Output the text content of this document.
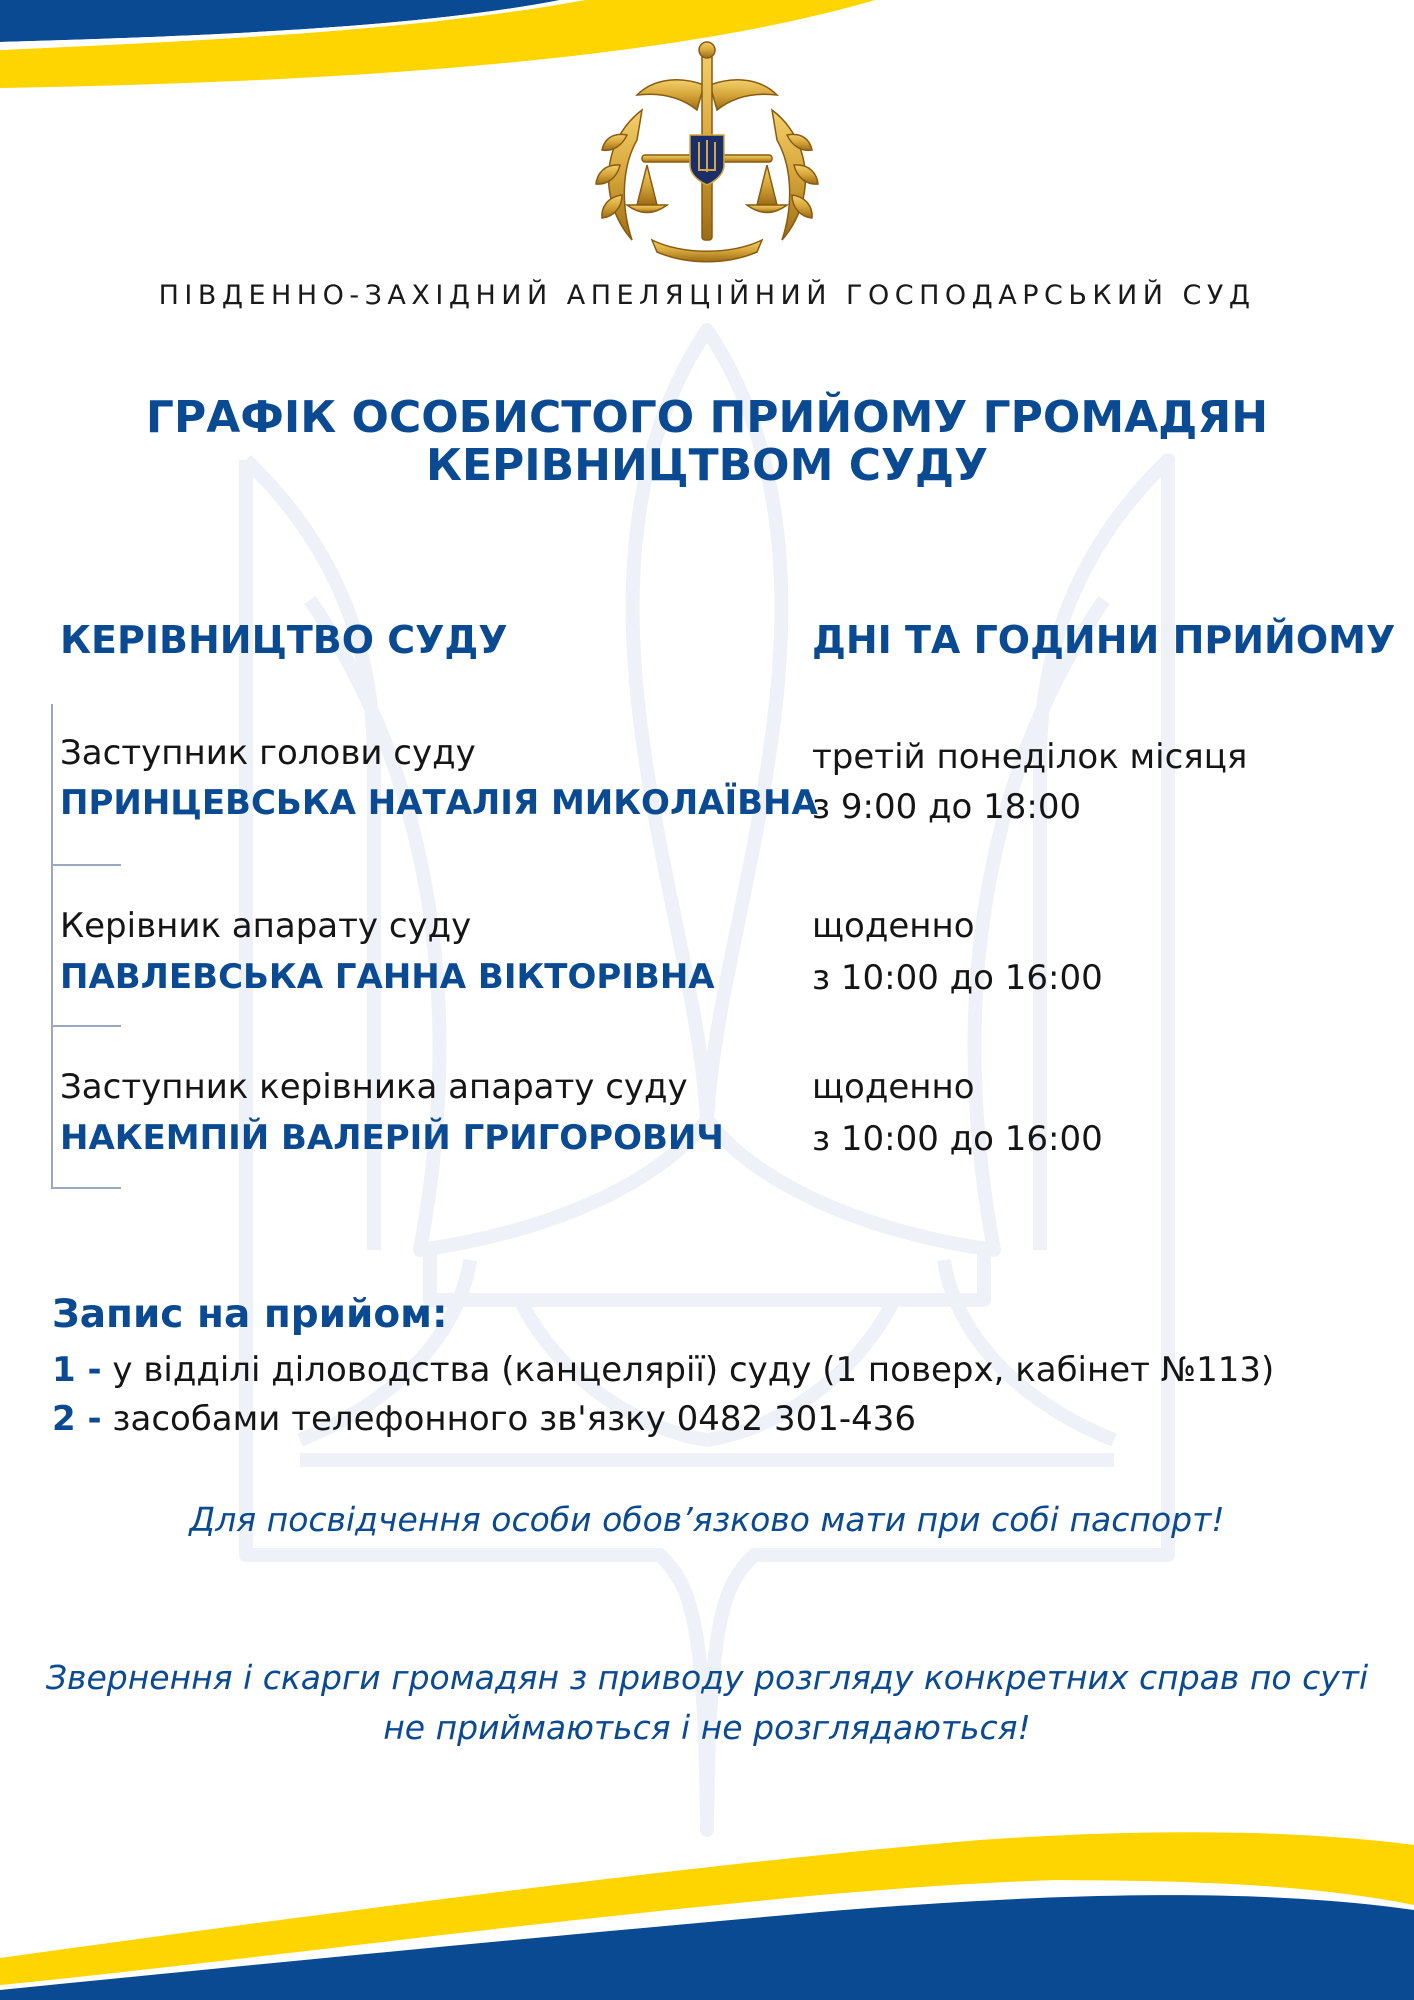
ПІВДЕННО-ЗАХІДНИЙ АПЕЛЯЦІЙНИЙ ГОСПОДАРСЬКИЙ СУД
ГРАФІК ОСОБИСТОГО ПРИЙОМУ ГРОМАДЯН
КЕРІВНИЦТВОМ СУДУ
КЕРІВНИЦТВО СУДУ	ДНІ ТА ГОДИНИ ПРИЙОМУ
Заступник голови суду
ПРИНЦЕВСЬКА НАТАЛІЯ МИКОЛАЇВНА
третій понеділок місяця
з 9:00 до 18:00
Керівник апарату суду
ПАВЛЕВСЬКА ГАННА ВІКТОРІВНА
щоденно
з 10:00 до 16:00
Заступник керівника апарату суду
НАКЕМПІЙ ВАЛЕРІЙ ГРИГОРОВИЧ
щоденно
з 10:00 до 16:00
Запис на прийом:
1 - у відділі діловодства (канцелярії) суду (1 поверх, кабінет №113)
2 - засобами телефонного зв'язку 0482 301-436
Для посвідчення особи обов’язково мати при собі паспорт!
Звернення і скарги громадян з приводу розгляду конкретних справ по суті
не приймаються і не розглядаються!
